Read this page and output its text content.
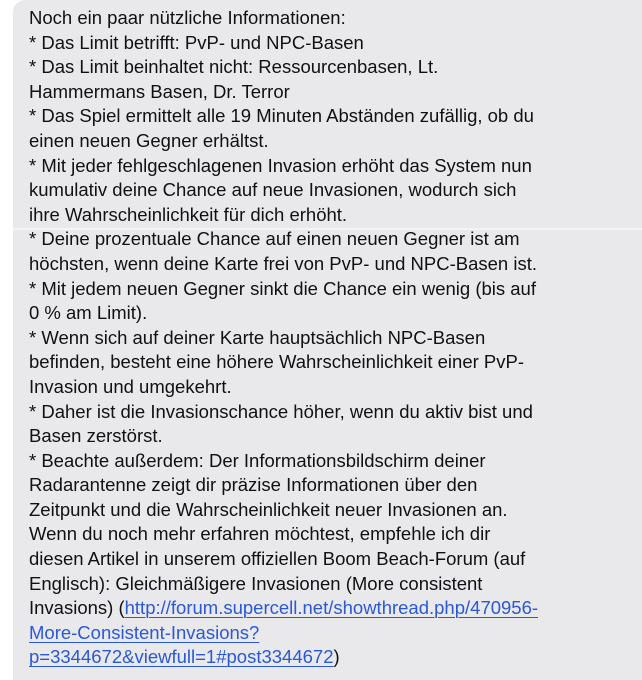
Noch ein paar nützliche Informationen:
* Das Limit betrifft: PvP- und NPC-Basen
* Das Limit beinhaltet nicht: Ressourcenbasen, Lt.
Hammermans Basen, Dr. Terror
* Das Spiel ermittelt alle 19 Minuten Abständen zufällig, ob du
einen neuen Gegner erhältst.
* Mit jeder fehlgeschlagenen Invasion erhöht das System nun
kumulativ deine Chance auf neue Invasionen, wodurch sich
ihre Wahrscheinlichkeit für dich erhöht.
* Deine prozentuale Chance auf einen neuen Gegner ist am
höchsten, wenn deine Karte frei von PvP- und NPC-Basen ist.
* Mit jedem neuen Gegner sinkt die Chance ein wenig (bis auf
0 % am Limit).
* Wenn sich auf deiner Karte hauptsächlich NPC-Basen
befinden, besteht eine höhere Wahrscheinlichkeit einer PvP-
Invasion und umgekehrt.
* Daher ist die Invasionschance höher, wenn du aktiv bist und
Basen zerstörst.
* Beachte außerdem: Der Informationsbildschirm deiner
Radarantenne zeigt dir präzise Informationen über den
Zeitpunkt und die Wahrscheinlichkeit neuer Invasionen an.
Wenn du noch mehr erfahren möchtest, empfehle ich dir
diesen Artikel in unserem offiziellen Boom Beach-Forum (auf
Englisch): Gleichmäßigere Invasionen (More consistent
Invasions) (http://forum.supercell.net/showthread.php/470956-
More-Consistent-Invasions?
p=3344672&viewfull=1#post3344672)
